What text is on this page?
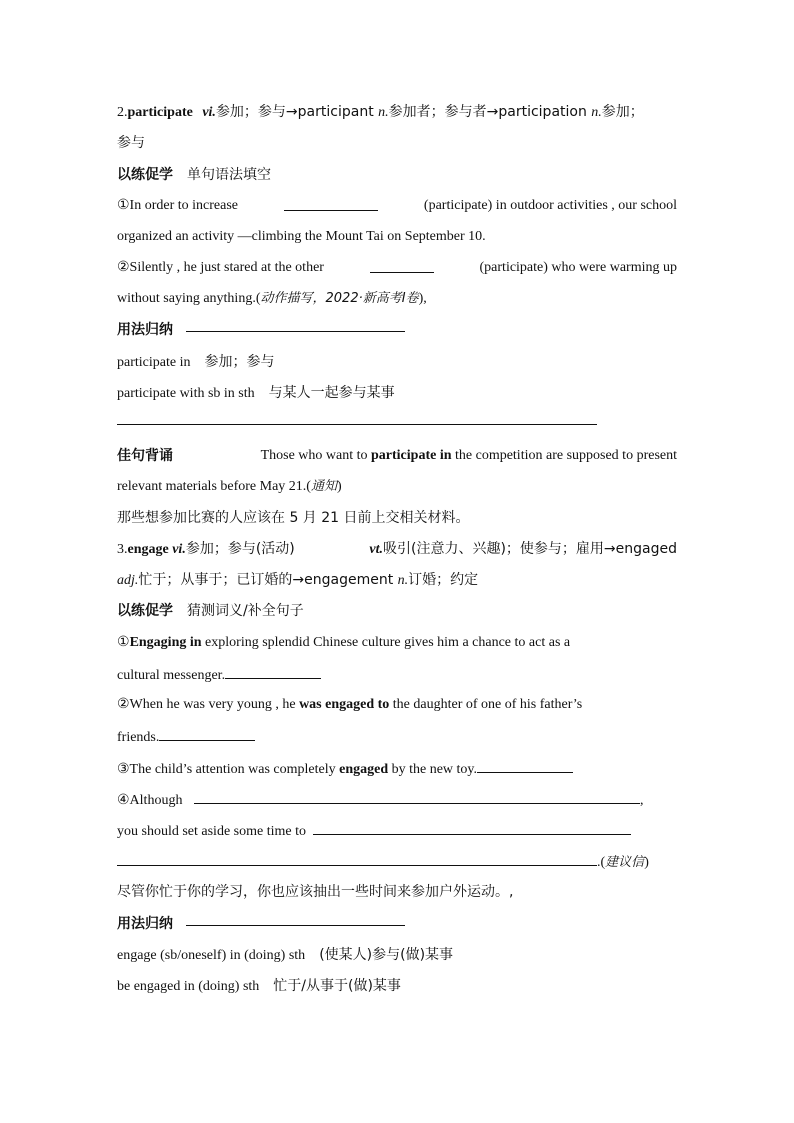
2.participate vi.参加；参与→participant n.参加者；参与者→participation n.参加；
参与
以练促学 单句语法填空
①In order to increase	(participate) in outdoor activities , our school
organized an activity —climbing the Mount Tai on September 10.
②Silently , he just stared at the other	(participate) who were warming up
without saying anything.(动作描写，2022·新高考Ⅰ卷),
用法归纳
participate in 参加；参与
participate with sb in sth 与某人一起参与某事
佳句背诵	Those who want to participate in the competition are supposed to present
relevant materials before May 21.(通知)
那些想参加比赛的人应该在 5 月 21 日前上交相关材料。
3.engage vi.参加；参与(活动)	vt.吸引(注意力、兴趣)；使参与；雇用→engaged
adj.忙于；从事于；已订婚的→engagement n.订婚；约定
以练促学 猜测词义/补全句子
①Engaging in exploring splendid Chinese culture gives him a chance to act as a
cultural messenger.
②When he was very young , he was engaged to the daughter of one of his father’s
friends.
③The child’s attention was completely engaged by the new toy.
④Although	,
you should set aside some time to
.(建议信)
尽管你忙于你的学习，你也应该抽出一些时间来参加户外运动。,
用法归纳
engage (sb/oneself) in (doing) sth (使某人)参与(做)某事
be engaged in (doing) sth 忙于/从事于(做)某事
